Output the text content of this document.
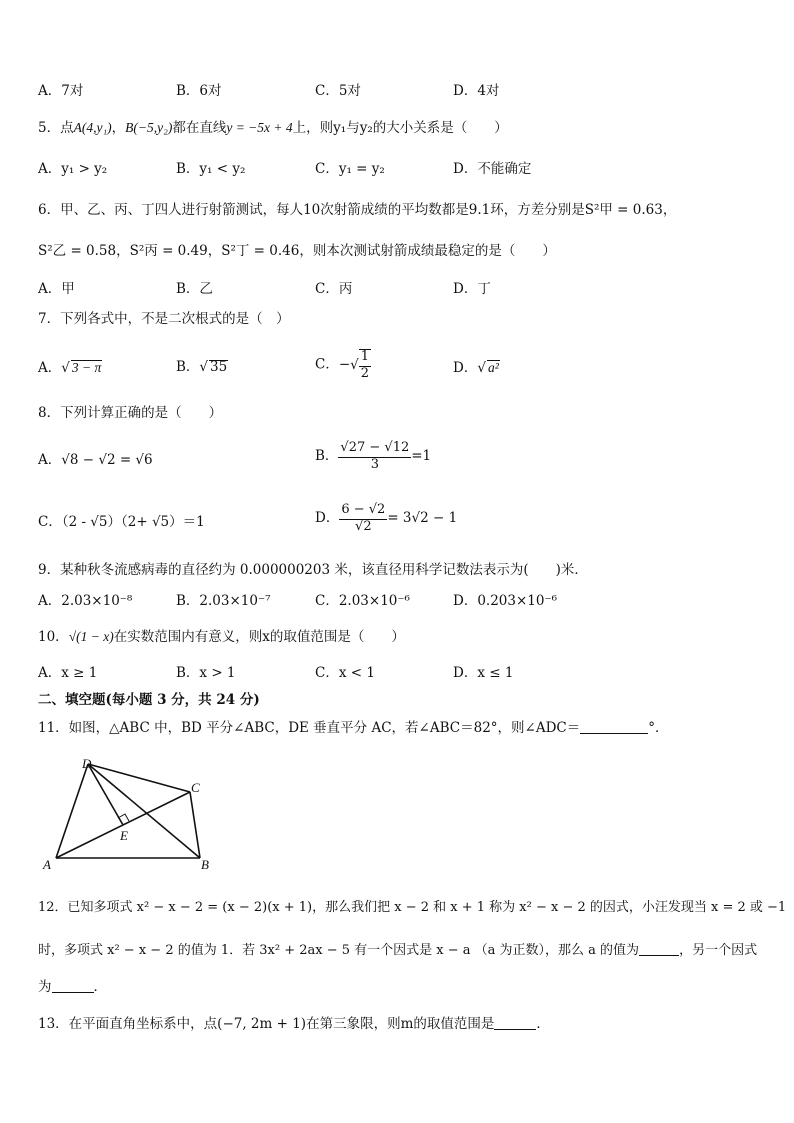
A．7对	B．6对	C．5对	D．4对
5．点A(4,y₁)，B(−5,y₂)都在直线y = −5x + 4上，则y₁与y₂的大小关系是（　　）
A．y₁ > y₂	B．y₁ < y₂	C．y₁ = y₂	D．不能确定
6．甲、乙、丙、丁四人进行射箭测试，每人10次射箭成绩的平均数都是9.1环，方差分别是S²甲 = 0.63，
S²乙 = 0.58，S²丙 = 0.49，S²丁 = 0.46，则本次测试射箭成绩最稳定的是（　　）
A．甲	B．乙	C．丙	D．丁
7．下列各式中，不是二次根式的是（　）
A．√ 3 − π	B．√ 35	C．−√ $\frac{1}{2}$	D．√ a²
8．下列计算正确的是（　　）
A．√8 − √2 = √6	B． $\frac{√27 - √12}{3} =1$
C．（2 - √5）（2+ √5）＝1	D． $\frac{6 - √2}{√2} = 3√2 - 1$
9．某种秋冬流感病毒的直径约为 0.000000203 米，该直径用科学记数法表示为(　　)米．
A．2.03×10⁻⁸	B．2.03×10⁻⁷	C．2.03×10⁻⁶	D．0.203×10⁻⁶
10．√(1 − x)在实数范围内有意义，则x的取值范围是（　　）
A．x ≥ 1	B．x > 1	C．x < 1	D．x ≤ 1
二、填空题(每小题 3 分，共 24 分)
11．如图，△ABC 中，BD 平分∠ABC，DE 垂直平分 AC，若∠ABC＝82°，则∠ADC＝	°．
D
C
E
A	B
12．已知多项式 x² − x − 2 = (x − 2)(x + 1)，那么我们把 x − 2 和 x + 1 称为 x² − x − 2 的因式，小汪发现当 x = 2 或 −1
时，多项式 x² − x − 2 的值为 1．若 3x² + 2ax − 5 有一个因式是 x − a （a 为正数），那么 a 的值为	，另一个因式
为	．
13．在平面直角坐标系中，点(−7, 2m + 1)在第三象限，则m的取值范围是	．
